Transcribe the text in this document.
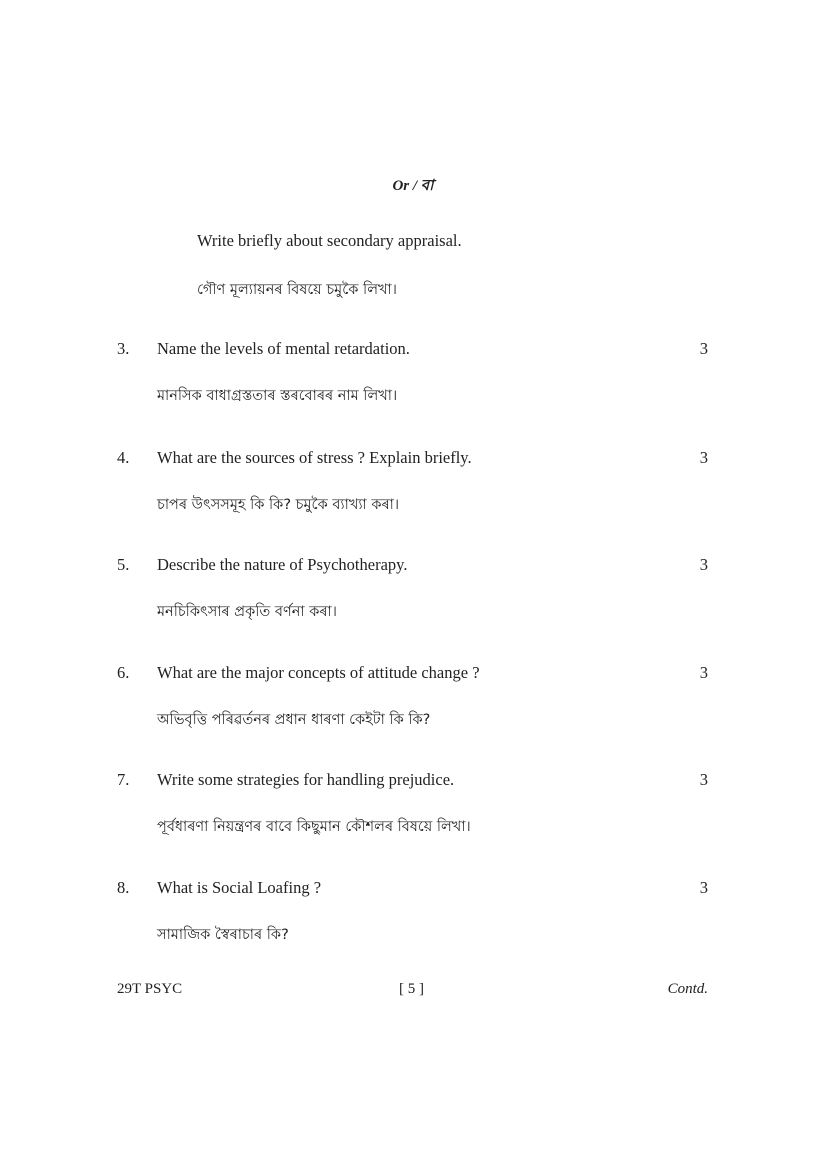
Or / বা
Write briefly about secondary appraisal.
গৌণ মূল্যায়নৰ বিষয়ে চমুকৈ লিখা।
3. Name the levels of mental retardation.	3
মানসিক বাধাগ্ৰস্ততাৰ স্তৰবোৰৰ নাম লিখা।
4. What are the sources of stress ? Explain briefly.	3
চাপৰ উৎসসমূহ কি কি? চমুকৈ ব্যাখ্যা কৰা।
5. Describe the nature of Psychotherapy.	3
মনচিকিৎসাৰ প্ৰকৃতি বৰ্ণনা কৰা।
6. What are the major concepts of attitude change ?	3
অভিবৃত্তি পৰিৱৰ্তনৰ প্ৰধান ধাৰণা কেইটা কি কি?
7. Write some strategies for handling prejudice.	3
পূৰ্বধাৰণা নিয়ন্ত্ৰণৰ বাবে কিছুমান কৌশলৰ বিষয়ে লিখা।
8. What is Social Loafing ?	3
সামাজিক স্বৈৰাচাৰ কি?
29T PSYC	[ 5 ]	Contd.
